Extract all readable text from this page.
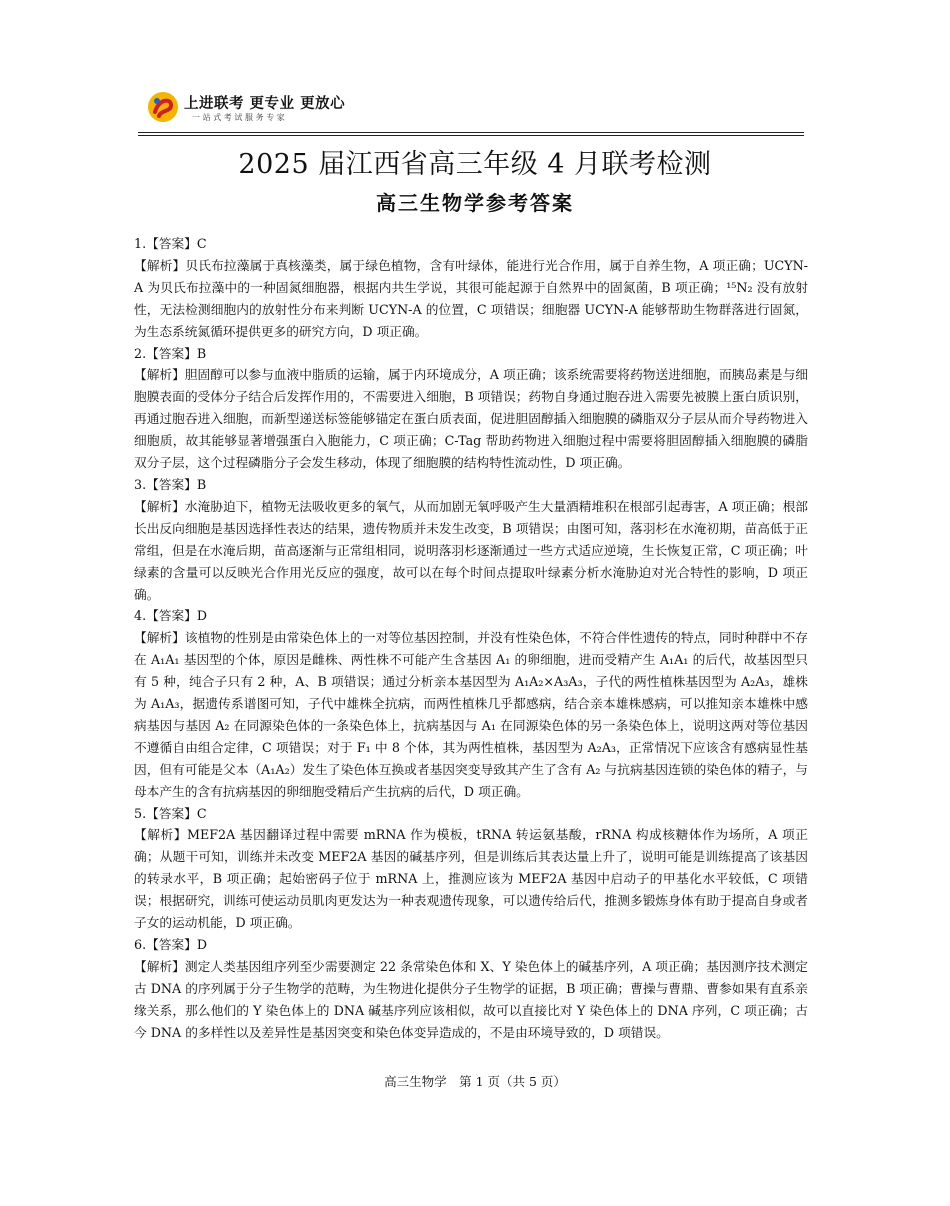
上进联考 更专业 更放心
一站式考试服务专家
2025 届江西省高三年级 4 月联考检测
高三生物学参考答案
1.【答案】C
【解析】贝氏布拉藻属于真核藻类，属于绿色植物，含有叶绿体，能进行光合作用，属于自养生物，A 项正确；UCYN-A 为贝氏布拉藻中的一种固氮细胞器，根据内共生学说，其很可能起源于自然界中的固氮菌，B 项正确；¹⁵N₂ 没有放射性，无法检测细胞内的放射性分布来判断 UCYN-A 的位置，C 项错误；细胞器 UCYN-A 能够帮助生物群落进行固氮，为生态系统氮循环提供更多的研究方向，D 项正确。
2.【答案】B
【解析】胆固醇可以参与血液中脂质的运输，属于内环境成分，A 项正确；该系统需要将药物送进细胞，而胰岛素是与细胞膜表面的受体分子结合后发挥作用的，不需要进入细胞，B 项错误；药物自身通过胞吞进入需要先被膜上蛋白质识别，再通过胞吞进入细胞，而新型递送标签能够锚定在蛋白质表面，促进胆固醇插入细胞膜的磷脂双分子层从而介导药物进入细胞质，故其能够显著增强蛋白入胞能力，C 项正确；C-Tag 帮助药物进入细胞过程中需要将胆固醇插入细胞膜的磷脂双分子层，这个过程磷脂分子会发生移动，体现了细胞膜的结构特性流动性，D 项正确。
3.【答案】B
【解析】水淹胁迫下，植物无法吸收更多的氧气，从而加剧无氧呼吸产生大量酒精堆积在根部引起毒害，A 项正确；根部长出反向细胞是基因选择性表达的结果，遗传物质并未发生改变，B 项错误；由图可知，落羽杉在水淹初期，苗高低于正常组，但是在水淹后期，苗高逐渐与正常组相同，说明落羽杉逐渐通过一些方式适应逆境，生长恢复正常，C 项正确；叶绿素的含量可以反映光合作用光反应的强度，故可以在每个时间点提取叶绿素分析水淹胁迫对光合特性的影响，D 项正确。
4.【答案】D
【解析】该植物的性别是由常染色体上的一对等位基因控制，并没有性染色体，不符合伴性遗传的特点，同时种群中不存在 A₁A₁ 基因型的个体，原因是雌株、两性株不可能产生含基因 A₁ 的卵细胞，进而受精产生 A₁A₁ 的后代，故基因型只有 5 种，纯合子只有 2 种，A、B 项错误；通过分析亲本基因型为 A₁A₂×A₃A₃，子代的两性植株基因型为 A₂A₃，雄株为 A₁A₃，据遗传系谱图可知，子代中雄株全抗病，而两性植株几乎都感病，结合亲本雄株感病，可以推知亲本雄株中感病基因与基因 A₂ 在同源染色体的一条染色体上，抗病基因与 A₁ 在同源染色体的另一条染色体上，说明这两对等位基因不遵循自由组合定律，C 项错误；对于 F₁ 中 8 个体，其为两性植株，基因型为 A₂A₃，正常情况下应该含有感病显性基因，但有可能是父本（A₁A₂）发生了染色体互换或者基因突变导致其产生了含有 A₂ 与抗病基因连锁的染色体的精子，与母本产生的含有抗病基因的卵细胞受精后产生抗病的后代，D 项正确。
5.【答案】C
【解析】MEF2A 基因翻译过程中需要 mRNA 作为模板，tRNA 转运氨基酸，rRNA 构成核糖体作为场所，A 项正确；从题干可知，训练并未改变 MEF2A 基因的碱基序列，但是训练后其表达量上升了，说明可能是训练提高了该基因的转录水平，B 项正确；起始密码子位于 mRNA 上，推测应该为 MEF2A 基因中启动子的甲基化水平较低，C 项错误；根据研究，训练可使运动员肌肉更发达为一种表观遗传现象，可以遗传给后代，推测多锻炼身体有助于提高自身或者子女的运动机能，D 项正确。
6.【答案】D
【解析】测定人类基因组序列至少需要测定 22 条常染色体和 X、Y 染色体上的碱基序列，A 项正确；基因测序技术测定古 DNA 的序列属于分子生物学的范畴，为生物进化提供分子生物学的证据，B 项正确；曹操与曹鼎、曹参如果有直系亲缘关系，那么他们的 Y 染色体上的 DNA 碱基序列应该相似，故可以直接比对 Y 染色体上的 DNA 序列，C 项正确；古今 DNA 的多样性以及差异性是基因突变和染色体变异造成的，不是由环境导致的，D 项错误。
高三生物学　第 1 页（共 5 页）
